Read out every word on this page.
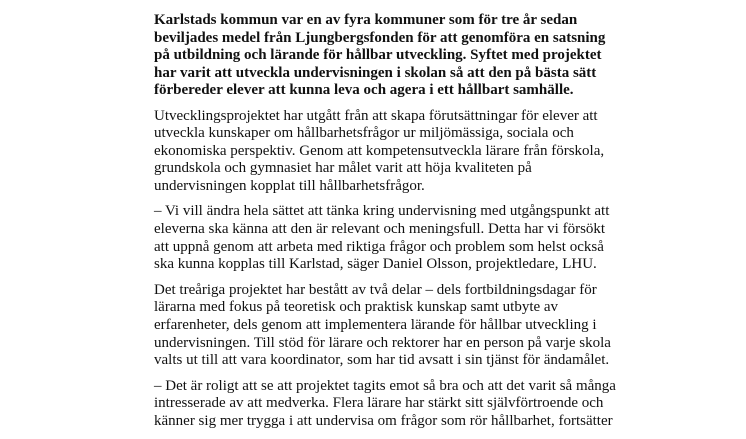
Karlstads kommun var en av fyra kommuner som för tre år sedan
beviljades medel från Ljungbergsfonden för att genomföra en satsning
på utbildning och lärande för hållbar utveckling. Syftet med projektet
har varit att utveckla undervisningen i skolan så att den på bästa sätt
förbereder elever att kunna leva och agera i ett hållbart samhälle.

Utvecklingsprojektet har utgått från att skapa förutsättningar för elever att
utveckla kunskaper om hållbarhetsfrågor ur miljömässiga, sociala och
ekonomiska perspektiv. Genom att kompetensutveckla lärare från förskola,
grundskola och gymnasiet har målet varit att höja kvaliteten på
undervisningen kopplat till hållbarhetsfrågor.

– Vi vill ändra hela sättet att tänka kring undervisning med utgångspunkt att
eleverna ska känna att den är relevant och meningsfull. Detta har vi försökt
att uppnå genom att arbeta med riktiga frågor och problem som helst också
ska kunna kopplas till Karlstad, säger Daniel Olsson, projektledare, LHU.

Det treåriga projektet har bestått av två delar – dels fortbildningsdagar för
lärarna med fokus på teoretisk och praktisk kunskap samt utbyte av
erfarenheter, dels genom att implementera lärande för hållbar utveckling i
undervisningen. Till stöd för lärare och rektorer har en person på varje skola
valts ut till att vara koordinator, som har tid avsatt i sin tjänst för ändamålet.

– Det är roligt att se att projektet tagits emot så bra och att det varit så många
intresserade av att medverka. Flera lärare har stärkt sitt självförtroende och
känner sig mer trygga i att undervisa om frågor som rör hållbarhet, fortsätter
